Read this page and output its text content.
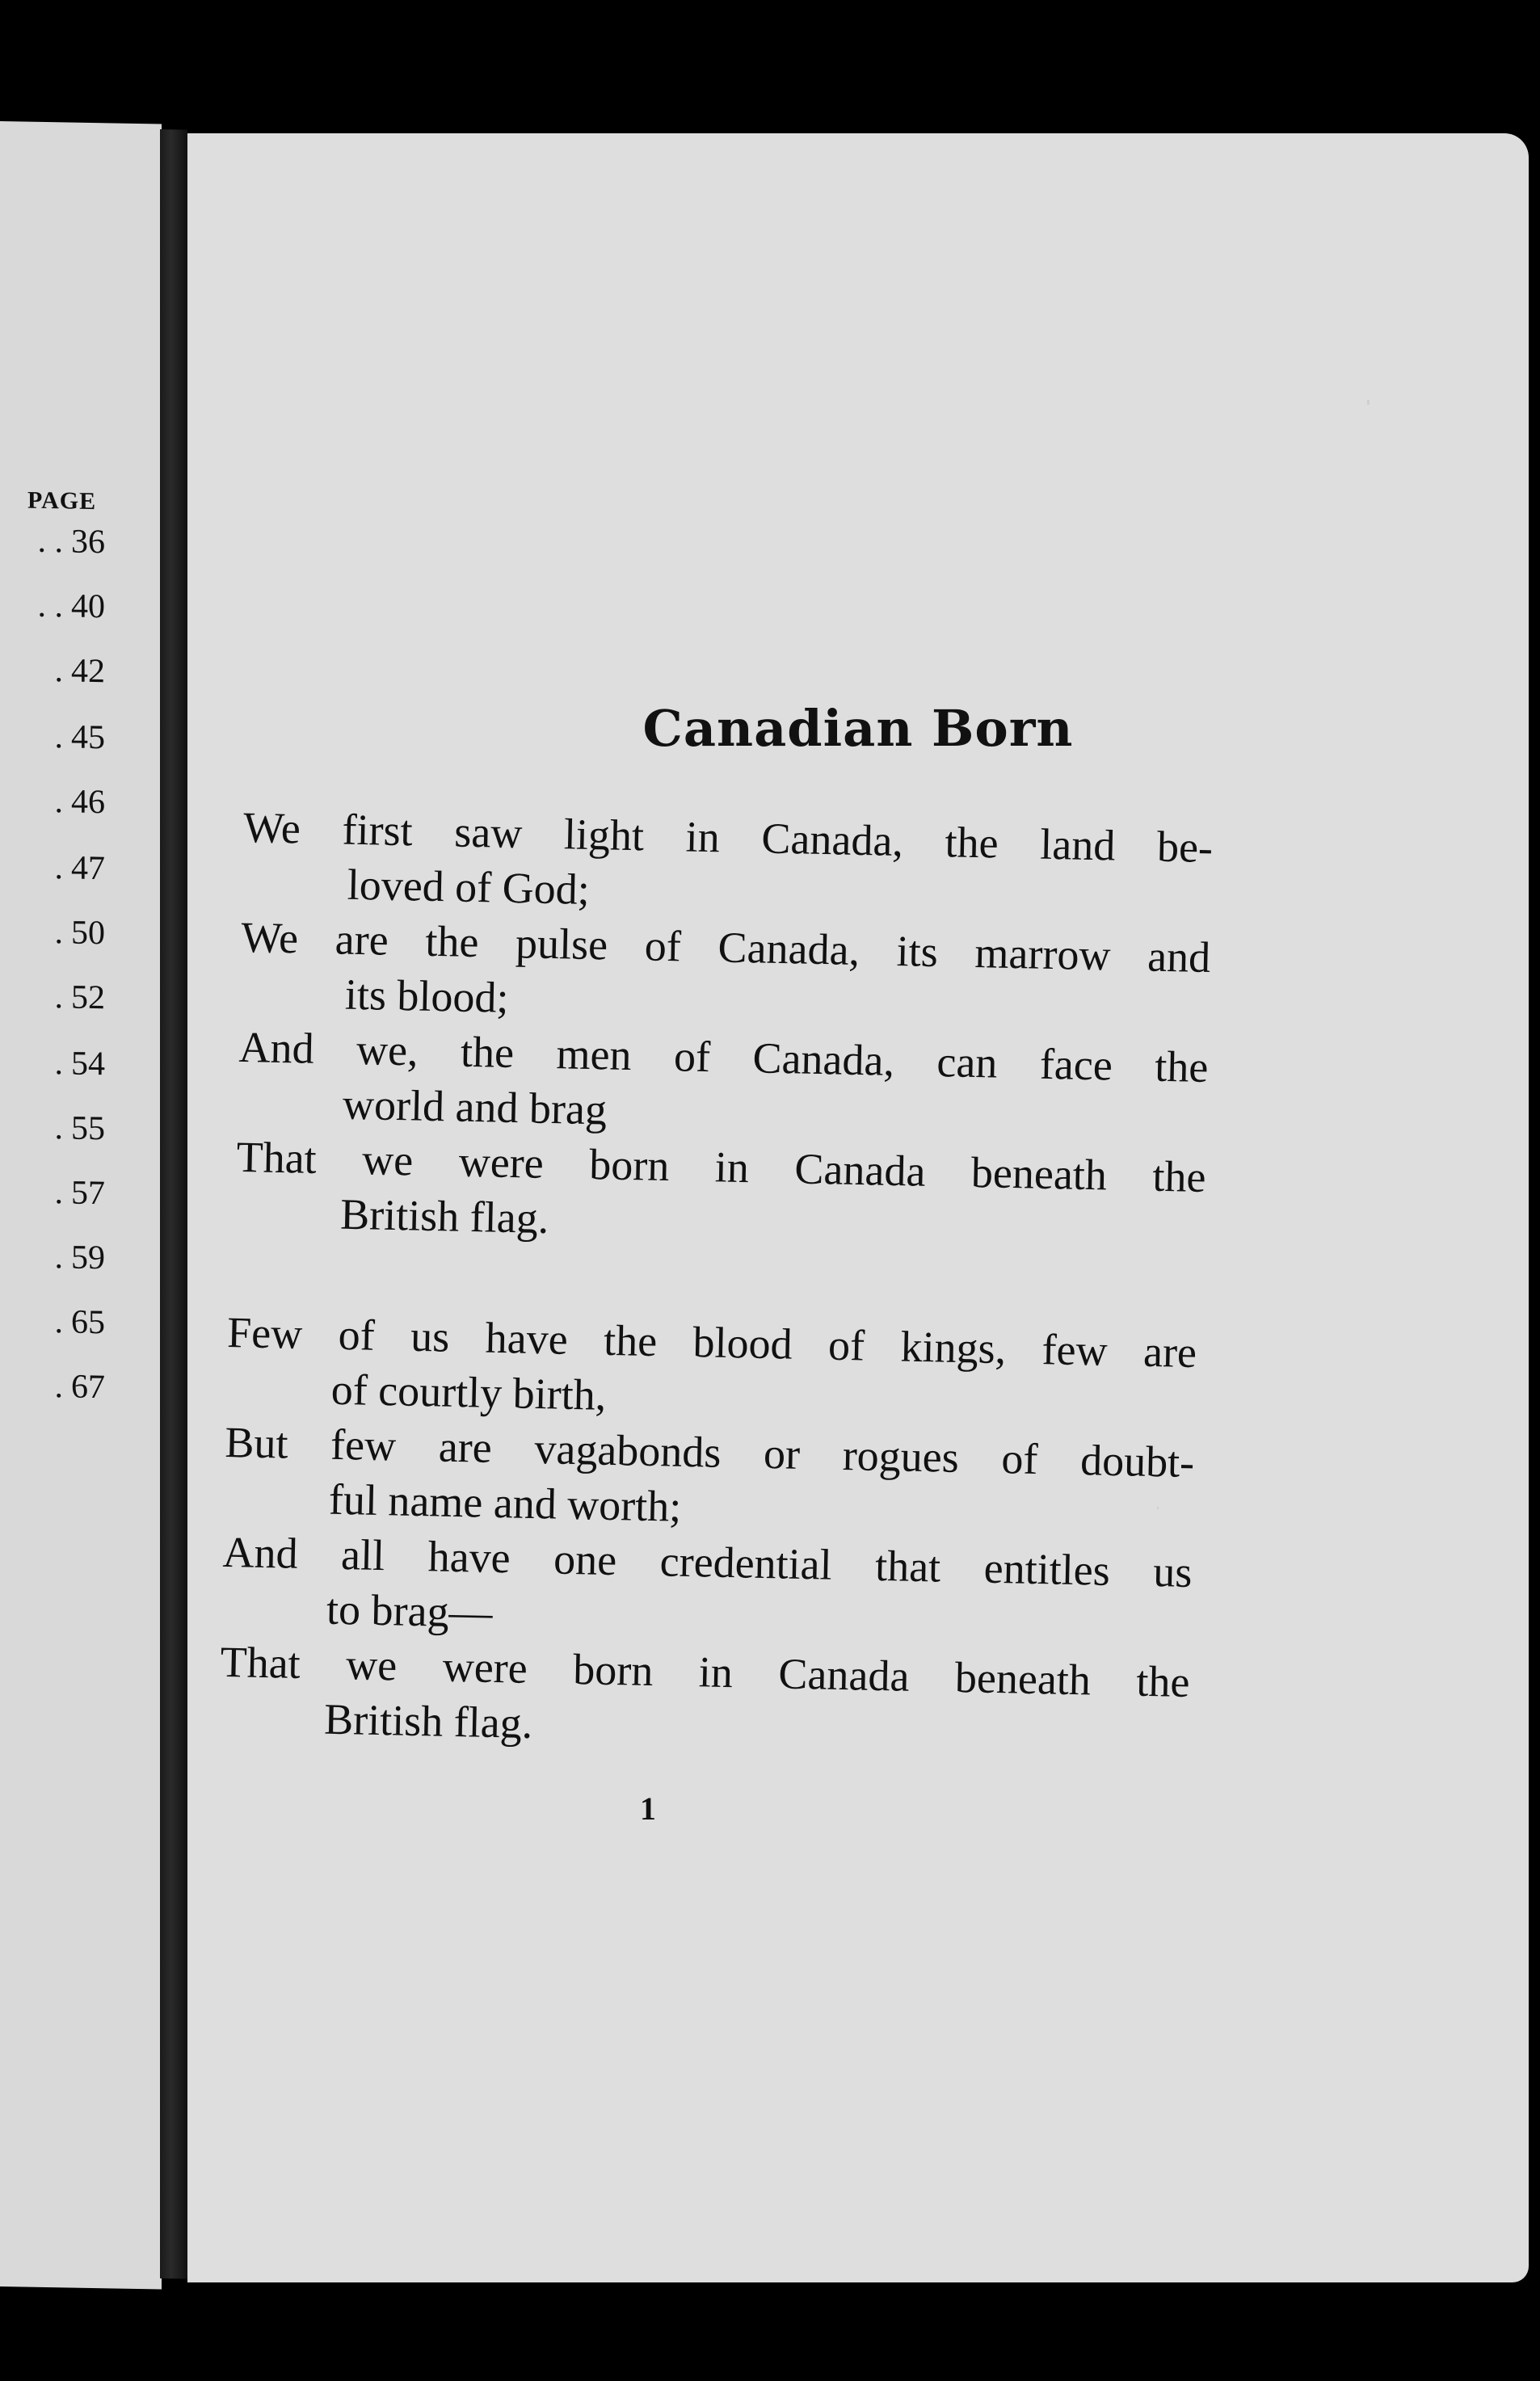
PAGE
. . 36
. . 40
. 42
. 45
. 46
. 47
. 50
. 52
. 54
. 55
. 57
. 59
. 65
. 67
Canadian Born
We first saw light in Canada, the land be-
loved of God;
We are the pulse of Canada, its marrow and
its blood;
And we, the men of Canada, can face the
world and brag
That we were born in Canada beneath the
British flag.
Few of us have the blood of kings, few are
of courtly birth,
But few are vagabonds or rogues of doubt-
ful name and worth;
And all have one credential that entitles us
to brag—
That we were born in Canada beneath the
British flag.
1
